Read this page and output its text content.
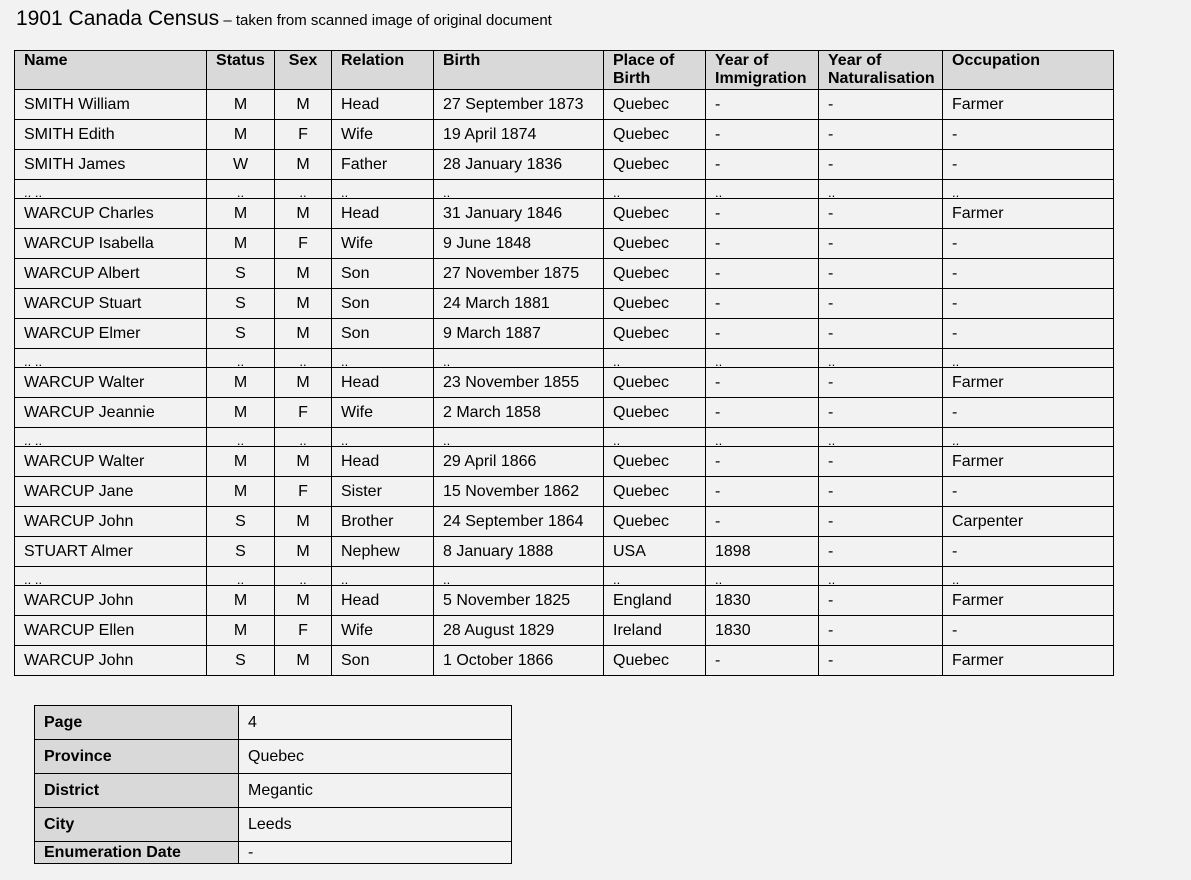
1901 Canada Census – taken from scanned image of original document
Name	Status	Sex	Relation	Birth	Place of Birth	Year of Immigration	Year of Naturalisation	Occupation
SMITH William	M	M	Head	27 September 1873	Quebec	-	-	Farmer
SMITH Edith	M	F	Wife	19 April 1874	Quebec	-	-	-
SMITH James	W	M	Father	28 January 1836	Quebec	-	-	-
.. ..	..	..	..	..	..	..	..	..
WARCUP Charles	M	M	Head	31 January 1846	Quebec	-	-	Farmer
WARCUP Isabella	M	F	Wife	9 June 1848	Quebec	-	-	-
WARCUP Albert	S	M	Son	27 November 1875	Quebec	-	-	-
WARCUP Stuart	S	M	Son	24 March 1881	Quebec	-	-	-
WARCUP Elmer	S	M	Son	9 March 1887	Quebec	-	-	-
.. ..	..	..	..	..	..	..	..	..
WARCUP Walter	M	M	Head	23 November 1855	Quebec	-	-	Farmer
WARCUP Jeannie	M	F	Wife	2 March 1858	Quebec	-	-	-
.. ..	..	..	..	..	..	..	..	..
WARCUP Walter	M	M	Head	29 April 1866	Quebec	-	-	Farmer
WARCUP Jane	M	F	Sister	15 November 1862	Quebec	-	-	-
WARCUP John	S	M	Brother	24 September 1864	Quebec	-	-	Carpenter
STUART Almer	S	M	Nephew	8 January 1888	USA	1898	-	-
.. ..	..	..	..	..	..	..	..	..
WARCUP John	M	M	Head	5 November 1825	England	1830	-	Farmer
WARCUP Ellen	M	F	Wife	28 August 1829	Ireland	1830	-	-
WARCUP John	S	M	Son	1 October 1866	Quebec	-	-	Farmer
Page	4
Province	Quebec
District	Megantic
City	Leeds
Enumeration Date	-
